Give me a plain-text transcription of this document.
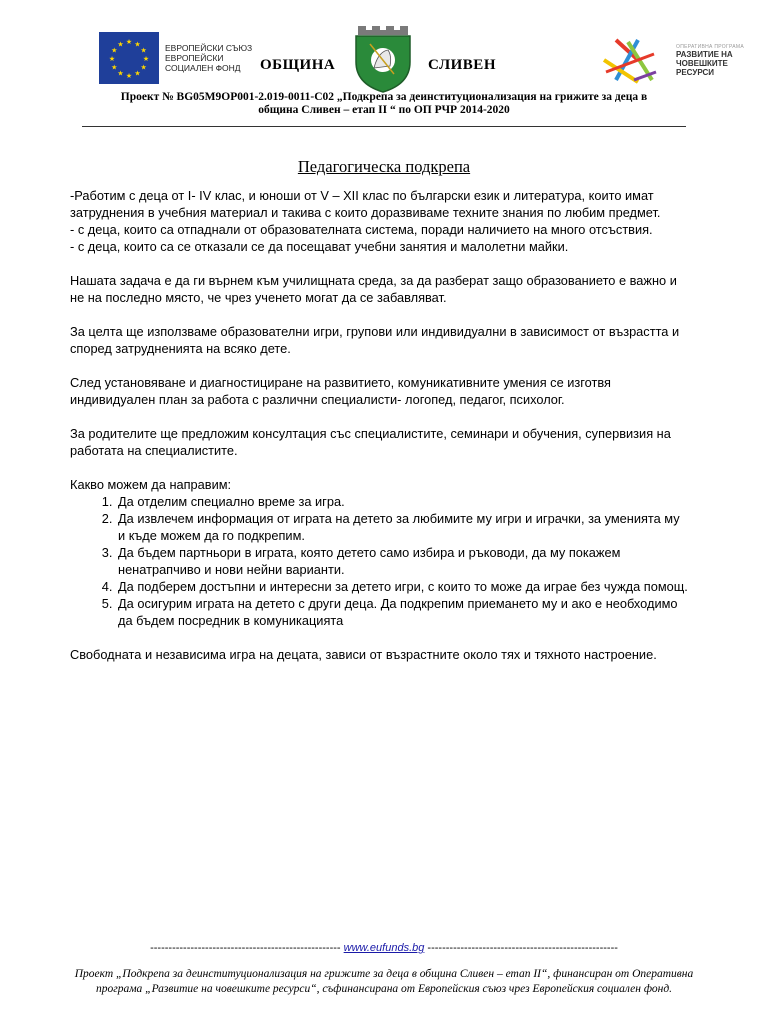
★ ★
★
★
★
★
★
★
★
★
★
★	ЕВРОПЕЙСКИ СЪЮЗ
ЕВРОПЕЙСКИ
СОЦИАЛЕН ФОНД	ОБЩИНА	СЛИВЕН
ОПЕРАТИВНА ПРОГРАМА
РАЗВИТИЕ НА
ЧОВЕШКИТЕ РЕСУРСИ
Проект № BG05M9OP001-2.019-0011-C02 „Подкрепа за деинституционализация на грижите за деца в
община Сливен – етап II “ по ОП РЧР 2014-2020
Педагогическа подкрепа
-Работим с деца от I- IV клас, и юноши от V – XII клас по български език и литература, които имат затруднения в учебния материал и такива с които доразвиваме техните знания по любим предмет.
- с деца, които са отпаднали от образователната система, поради наличието на много отсъствия.

- с деца, които са се отказали се да посещават учебни занятия и малолетни майки.

Нашата задача е да ги върнем към училищната среда, за да разберат защо образованието е важно и не на последно място, че чрез ученето могат да се забавляват.

За целта ще използваме образователни игри, групови или индивидуални в зависимост от възрастта и според затрудненията на всяко дете.

След установяване и диагностициране на развитието, комуникативните умения се изготвя индивидуален план за работа с различни специалисти- логопед, педагог, психолог.

За родителите ще предложим консултация със специалистите, семинари и обучения, супервизия на работата на специалистите.

Какво можем да направим:
1. Да отделим специално време за игра.
2. Да извлечем информация от играта на детето за любимите му игри и играчки, за уменията му и къде можем да го подкрепим.
3. Да бъдем партньори в играта, която детето само избира и ръководи, да му покажем ненатрапчиво и нови нейни варианти.
4. Да подберем достъпни и интересни за детето игри, с които то може да играе без чужда помощ.
5. Да осигурим играта на детето с други деца. Да подкрепим приемането му и ако е необходимо да бъдем посредник в комуникацията

Свободната и независима игра на децата, зависи от възрастните около тях и тяхното настроение.

---------------------------------------------------- www.eufunds.bg ----------------------------------------------------
Проект „Подкрепа за деинституционализация на грижите за деца в община Сливен – етап II“, финансиран от Оперативна програма „Развитие на човешките ресурси“, съфинансирана от Европейския съюз чрез Европейския социален фонд.
